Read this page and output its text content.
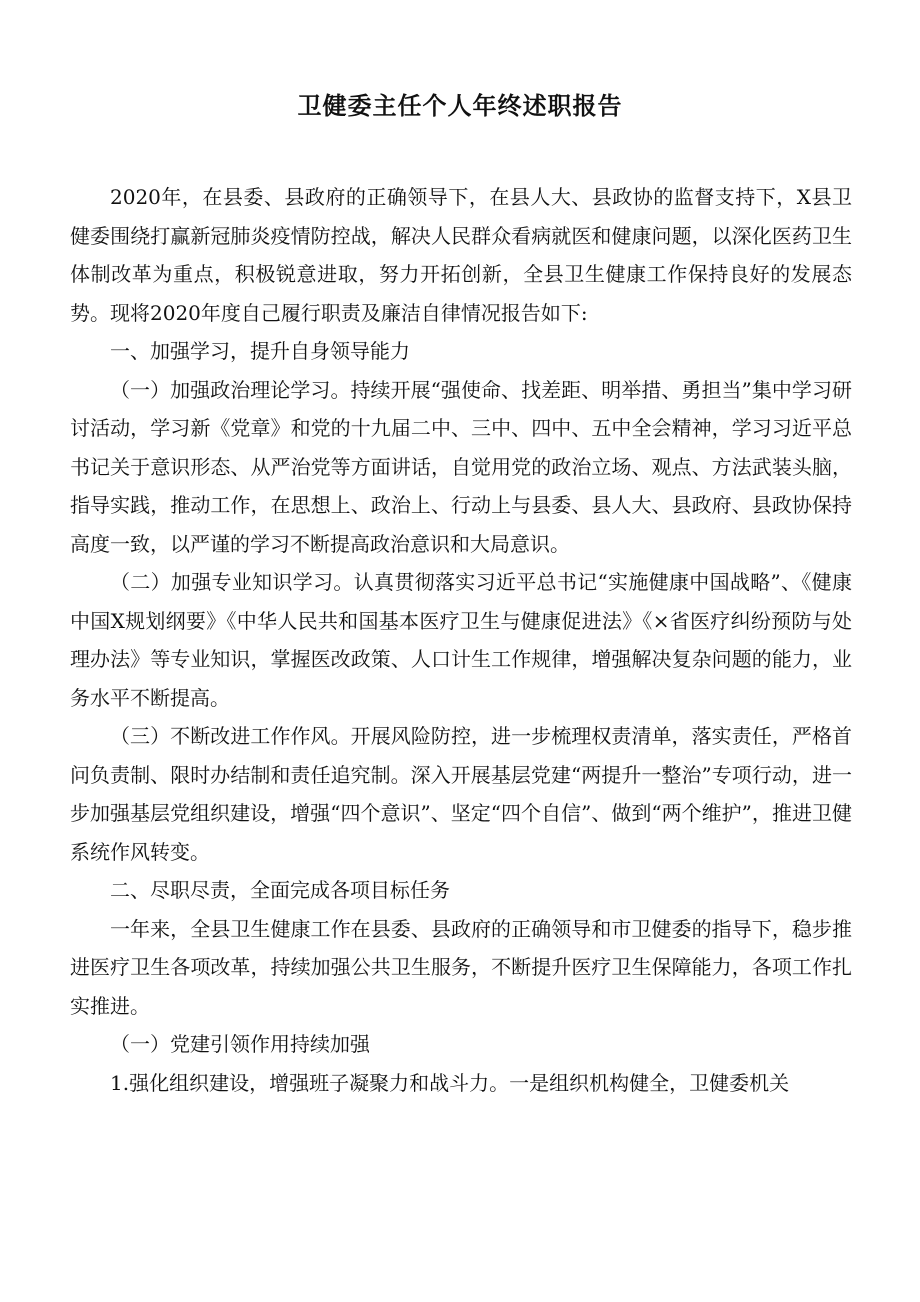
卫健委主任个人年终述职报告

2020年，在县委、县政府的正确领导下，在县人大、县政协的监督支持下，X县卫健委围绕打赢新冠肺炎疫情防控战，解决人民群众看病就医和健康问题，以深化医药卫生体制改革为重点，积极锐意进取，努力开拓创新，全县卫生健康工作保持良好的发展态势。现将2020年度自己履行职责及廉洁自律情况报告如下:

一、加强学习，提升自身领导能力

（一）加强政治理论学习。持续开展“强使命、找差距、明举措、勇担当”集中学习研讨活动，学习新《党章》和党的十九届二中、三中、四中、五中全会精神，学习习近平总书记关于意识形态、从严治党等方面讲话，自觉用党的政治立场、观点、方法武装头脑，指导实践，推动工作，在思想上、政治上、行动上与县委、县人大、县政府、县政协保持高度一致，以严谨的学习不断提高政治意识和大局意识。

（二）加强专业知识学习。认真贯彻落实习近平总书记“实施健康中国战略”、《健康中国X规划纲要》《中华人民共和国基本医疗卫生与健康促进法》《×省医疗纠纷预防与处理办法》等专业知识，掌握医改政策、人口计生工作规律，增强解决复杂问题的能力，业务水平不断提高。

（三）不断改进工作作风。开展风险防控，进一步梳理权责清单，落实责任，严格首问负责制、限时办结制和责任追究制。深入开展基层党建“两提升一整治”专项行动，进一步加强基层党组织建设，增强“四个意识”、坚定“四个自信”、做到“两个维护”，推进卫健系统作风转变。

二、尽职尽责，全面完成各项目标任务

一年来，全县卫生健康工作在县委、县政府的正确领导和市卫健委的指导下，稳步推进医疗卫生各项改革，持续加强公共卫生服务，不断提升医疗卫生保障能力，各项工作扎实推进。

（一）党建引领作用持续加强

1.强化组织建设，增强班子凝聚力和战斗力。一是组织机构健全，卫健委机关
